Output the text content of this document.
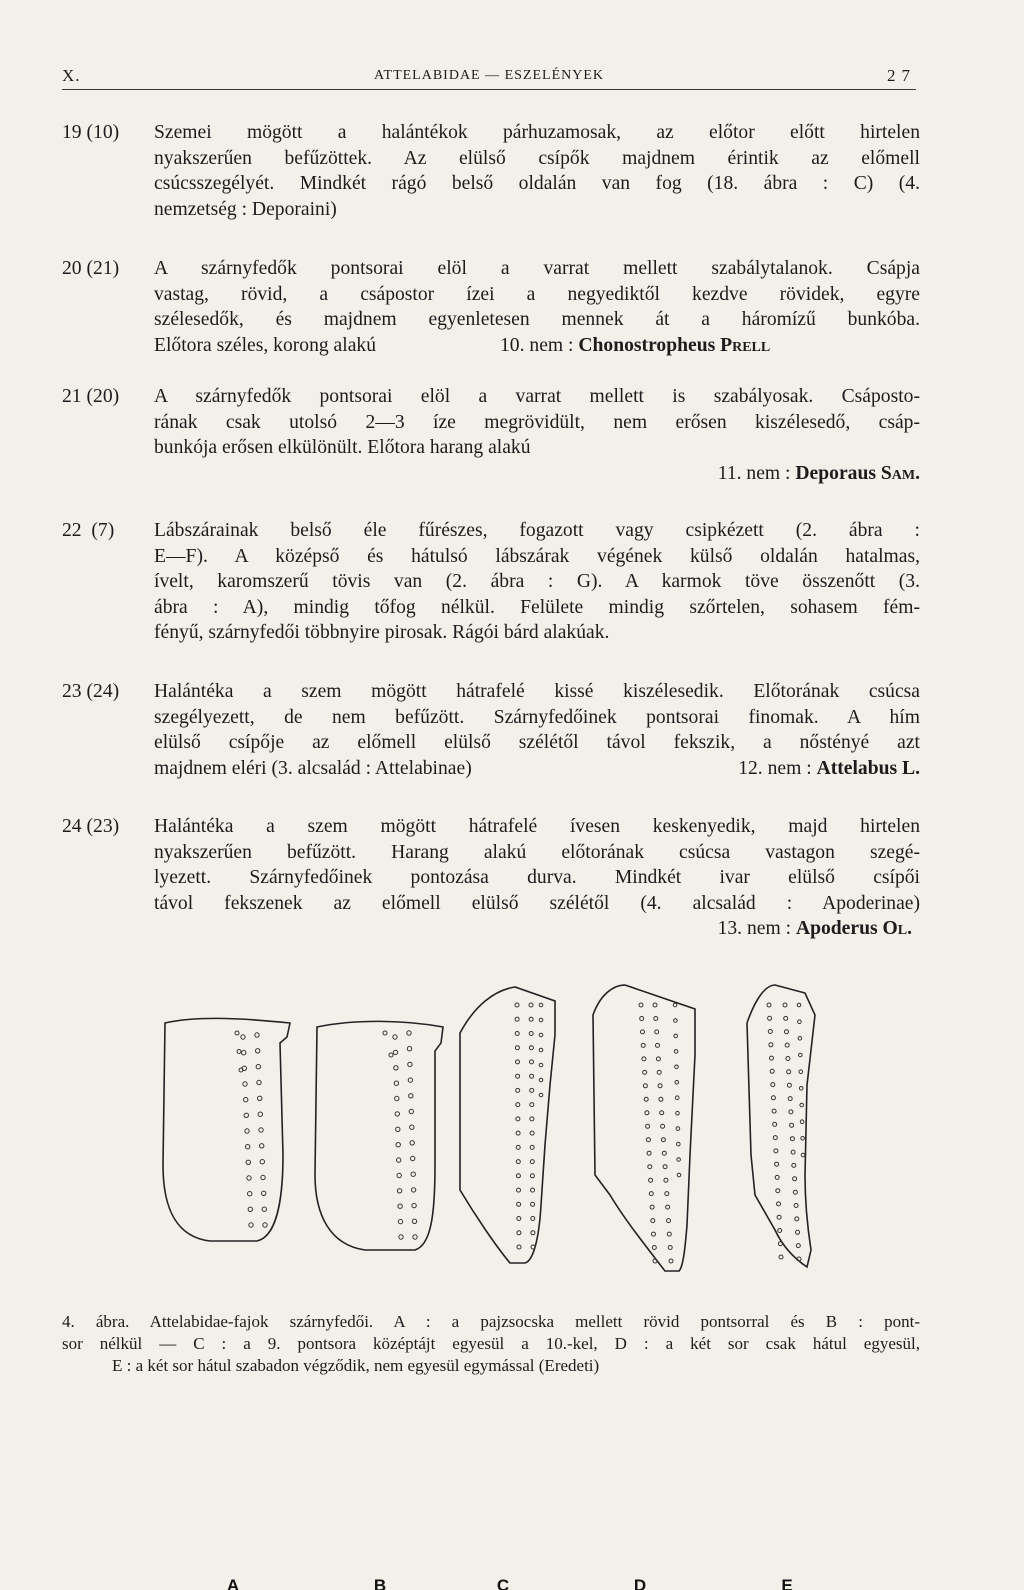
X.	ATTELABIDAE — ESZELÉNYEK	27
19 (10)	Szemei mögött a halántékok párhuzamosak, az előtor előtt hirtelen
nyakszerűen befűzöttek. Az elülső csípők majdnem érintik az előmell
csúcsszegélyét. Mindkét rágó belső oldalán van fog (18. ábra : C) (4.
nemzetség : Deporaini)
20 (21)	A szárnyfedők pontsorai elöl a varrat mellett szabálytalanok. Csápja
vastag, rövid, a csápostor ízei a negyediktől kezdve rövidek, egyre
szélesedők, és majdnem egyenletesen mennek át a háromízű bunkóba.
Előtora széles, korong alakú	10. nem : Chonostropheus Prell
21 (20)	A szárnyfedők pontsorai elöl a varrat mellett is szabályosak. Csáposto-
rának csak utolsó 2—3 íze megrövidült, nem erősen kiszélesedő, csáp-
bunkója erősen elkülönült. Előtora harang alakú
11. nem : Deporaus Sam.
22  (7)	Lábszárainak belső éle fűrészes, fogazott vagy csipkézett (2. ábra :
E—F). A középső és hátulsó lábszárak végének külső oldalán hatalmas,
ívelt, karomszerű tövis van (2. ábra : G). A karmok töve összenőtt (3.
ábra : A), mindig tőfog nélkül. Felülete mindig szőrtelen, sohasem fém-
fényű, szárnyfedői többnyire pirosak. Rágói bárd alakúak.
23 (24)	Halántéka a szem mögött hátrafelé kissé kiszélesedik. Előtorának csúcsa
szegélyezett, de nem befűzött. Szárnyfedőinek pontsorai finomak. A hím
elülső csípője az előmell elülső szélétől távol fekszik, a nőstényé azt
majdnem eléri (3. alcsalád : Attelabinae)	12. nem : Attelabus L.
24 (23)	Halántéka a szem mögött hátrafelé ívesen keskenyedik, majd hirtelen
nyakszerűen befűzött. Harang alakú előtorának csúcsa vastagon szegé-
lyezett. Szárnyfedőinek pontozása durva. Mindkét ivar elülső csípői
távol fekszenek az előmell elülső szélétől (4. alcsalád : Apoderinae)
13. nem : Apoderus Ol.
A	B	C	D	E
4. ábra. Attelabidae-fajok szárnyfedői. A : a pajzsocska mellett rövid pontsorral és B : pont-
sor nélkül — C : a 9. pontsora középtájt egyesül a 10.-kel, D : a két sor csak hátul egyesül,
E : a két sor hátul szabadon végződik, nem egyesül egymással (Eredeti)
